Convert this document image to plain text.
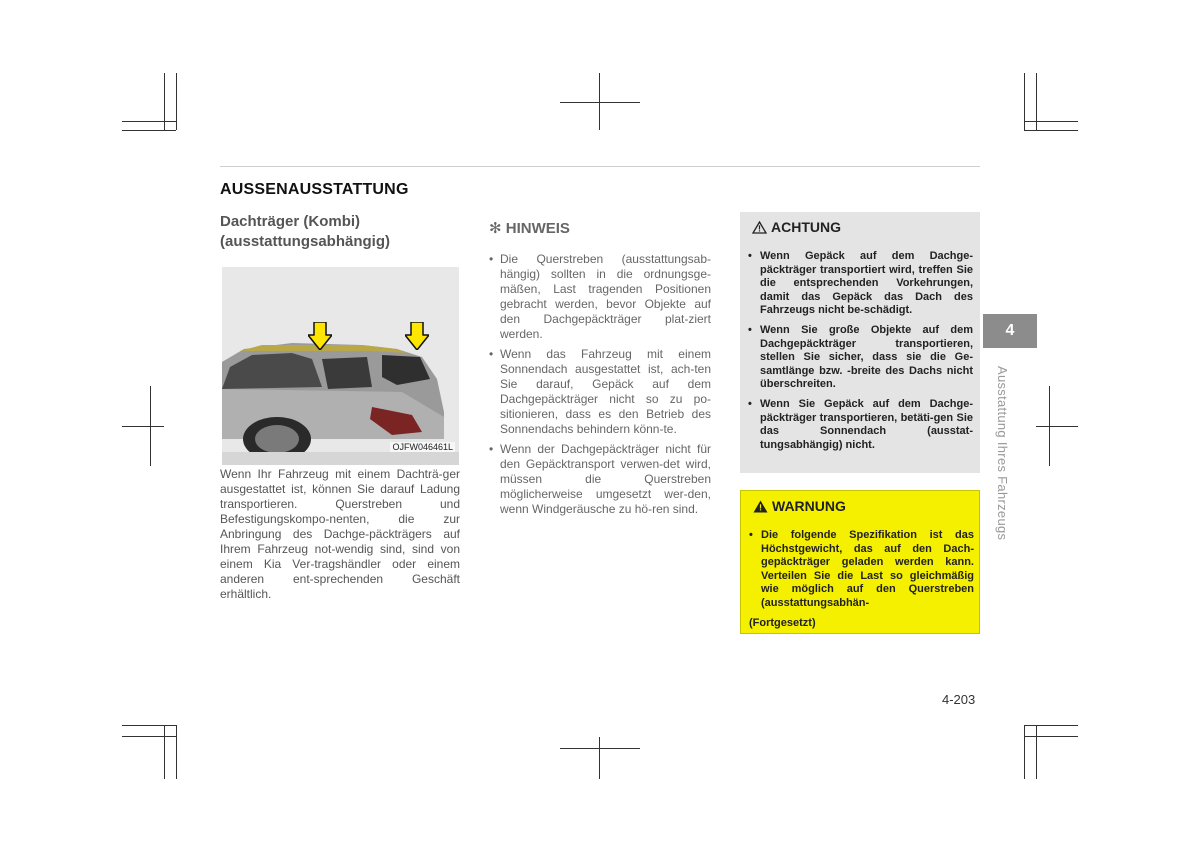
AUSSENAUSSTATTUNG
Dachträger (Kombi)
(ausstattungsabhängig)
OJFW046461L

Wenn Ihr Fahrzeug mit einem Dachträ-ger ausgestattet ist, können Sie darauf Ladung transportieren. Querstreben und Befestigungskompo-nenten, die zur Anbringung des Dachge-päckträgers auf Ihrem Fahrzeug not-wendig sind, sind von einem Kia Ver-tragshändler oder einem anderen ent-sprechenden Geschäft erhältlich.

✻ HINWEIS
• Die Querstreben (ausstattungsab-hängig) sollten in die ordnungsge-mäßen, Last tragenden Positionen gebracht werden, bevor Objekte auf den Dachgepäckträger plat-ziert werden.
• Wenn das Fahrzeug mit einem Sonnendach ausgestattet ist, ach-ten Sie darauf, Gepäck auf dem Dachgepäckträger nicht so zu po-sitionieren, dass es den Betrieb des Sonnendachs behindern könn-te.
• Wenn der Dachgepäckträger nicht für den Gepäcktransport verwen-det wird, müssen die Querstreben möglicherweise umgesetzt wer-den, wenn Windgeräusche zu hö-ren sind.
ACHTUNG
• Wenn Gepäck auf dem Dachge-päckträger transportiert wird, treffen Sie die entsprechenden Vorkehrungen, damit das Gepäck das Dach des Fahrzeugs nicht be-schädigt.
• Wenn Sie große Objekte auf dem Dachgepäckträger transportieren, stellen Sie sicher, dass sie die Ge-samtlänge bzw. -breite des Dachs nicht überschreiten.
• Wenn Sie Gepäck auf dem Dachge-päckträger transportieren, betäti-gen Sie das Sonnendach (ausstat-tungsabhängig) nicht.
WARNUNG
• Die folgende Spezifikation ist das Höchstgewicht, das auf den Dach-gepäckträger geladen werden kann. Verteilen Sie die Last so gleichmäßig wie möglich auf den Querstreben (ausstattungsabhän-
(Fortgesetzt)
4
Ausstattung Ihres Fahrzeugs
4-203
